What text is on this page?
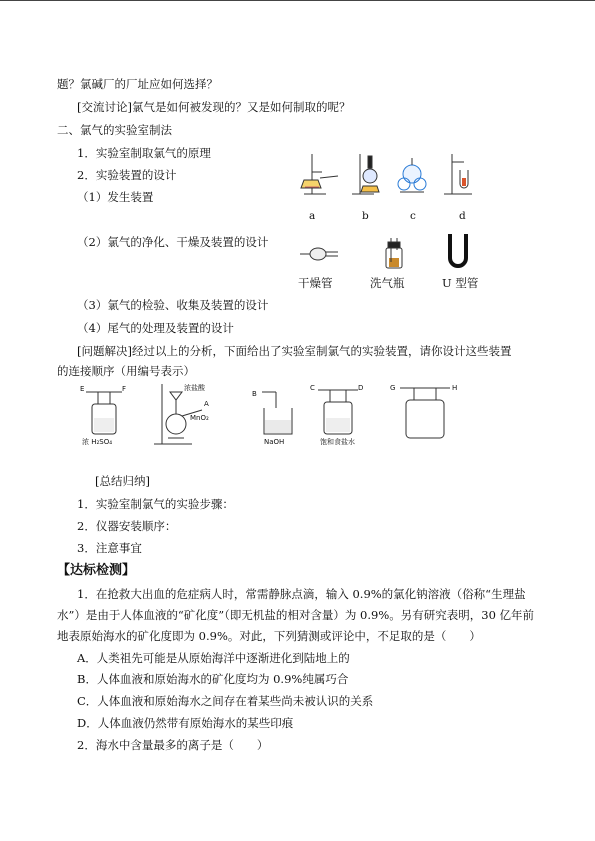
题？氯碱厂的厂址应如何选择？
[交流讨论]氯气是如何被发现的？又是如何制取的呢？
二、氯气的实验室制法
1．实验室制取氯气的原理
2．实验装置的设计
（1）发生装置
（2）氯气的净化、干燥及装置的设计
（3）氯气的检验、收集及装置的设计
（4）尾气的处理及装置的设计
[问题解决]经过以上的分析，下面给出了实验室制氯气的实验装置，请你设计这些装置
的连接顺序（用编号表示）
a	b	c	d
干燥管	洗气瓶	U 型管
E	F
浓 H₂SO₄
浓盐酸
A
MnO₂
B
NaOH
C	D
饱和食盐水
G	H
[总结归纳]
1．实验室制氯气的实验步骤：
2．仪器安装顺序：
3．注意事宜
【达标检测】
1．在抢救大出血的危症病人时，常需静脉点滴，输入 0.9%的氯化钠溶液（俗称“生理盐水”）是由于人体血液的“矿化度”（即无机盐的相对含量）为 0.9%。另有研究表明，30 亿年前地表原始海水的矿化度即为 0.9%。对此，下列猜测或评论中，不足取的是（　　）
A．人类祖先可能是从原始海洋中逐渐进化到陆地上的
B．人体血液和原始海水的矿化度均为 0.9%纯属巧合
C．人体血液和原始海水之间存在着某些尚未被认识的关系
D．人体血液仍然带有原始海水的某些印痕
2．海水中含量最多的离子是（　　）
